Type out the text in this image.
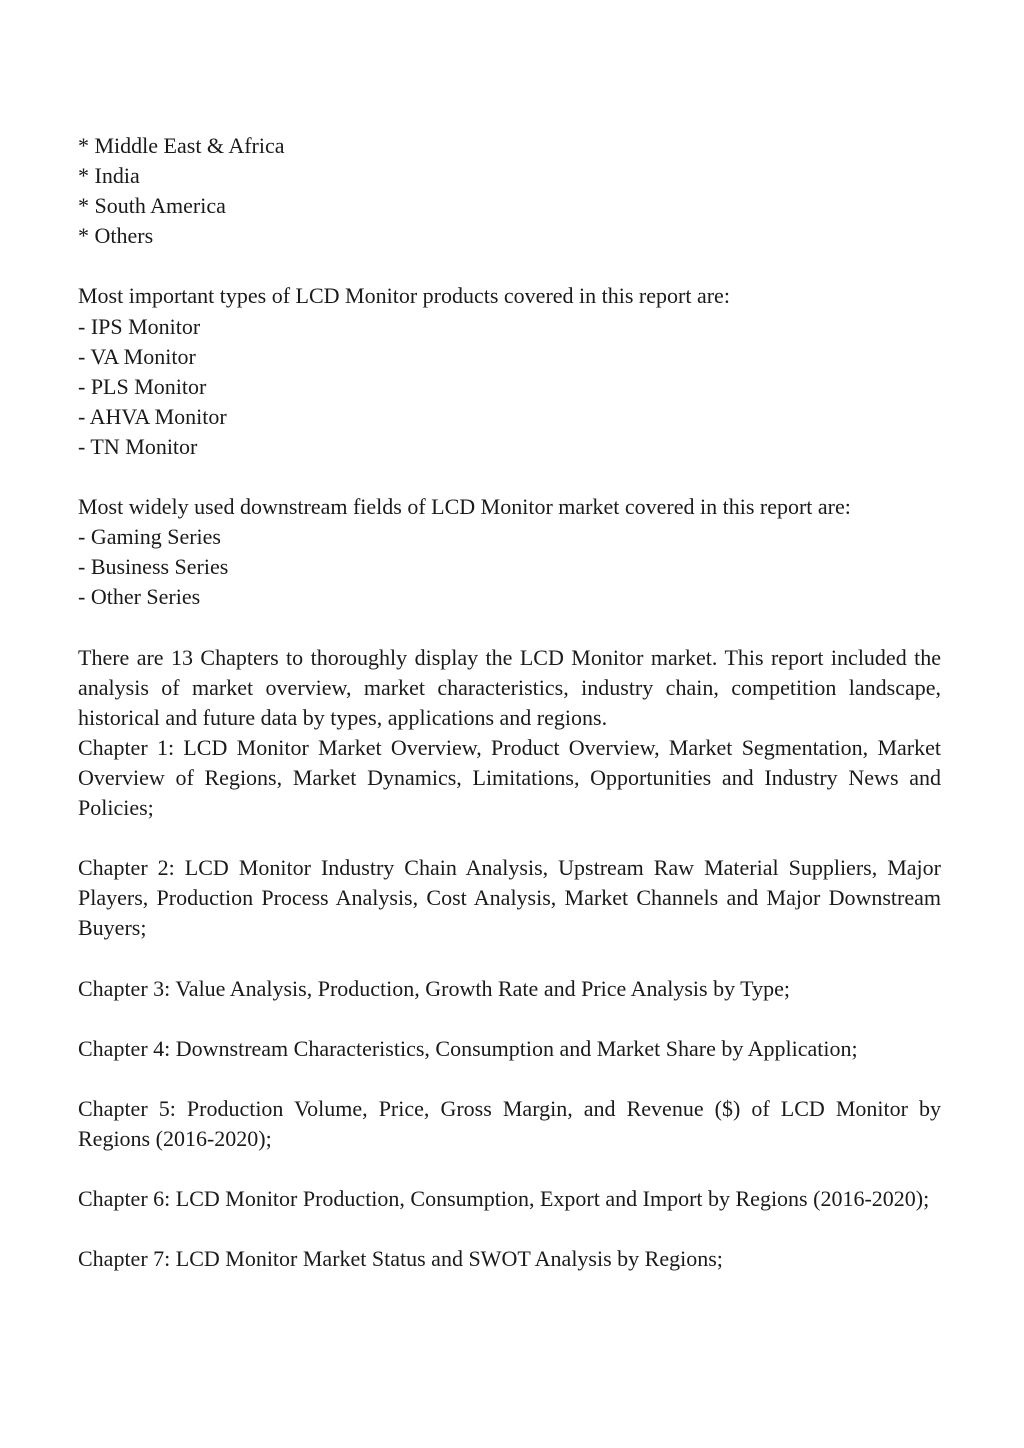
* Middle East & Africa
* India
* South America
* Others
Most important types of LCD Monitor products covered in this report are:
- IPS Monitor
- VA Monitor
- PLS Monitor
- AHVA Monitor
- TN Monitor
Most widely used downstream fields of LCD Monitor market covered in this report are:
- Gaming Series
- Business Series
- Other Series

There are 13 Chapters to thoroughly display the LCD Monitor market. This report included the analysis of market overview, market characteristics, industry chain, competition landscape, historical and future data by types, applications and regions.

Chapter 1: LCD Monitor Market Overview, Product Overview, Market Segmentation, Market Overview of Regions, Market Dynamics, Limitations, Opportunities and Industry News and Policies;

Chapter 2: LCD Monitor Industry Chain Analysis, Upstream Raw Material Suppliers, Major Players, Production Process Analysis, Cost Analysis, Market Channels and Major Downstream Buyers;

Chapter 3: Value Analysis, Production, Growth Rate and Price Analysis by Type;

Chapter 4: Downstream Characteristics, Consumption and Market Share by Application;

Chapter 5: Production Volume, Price, Gross Margin, and Revenue ($) of LCD Monitor by Regions (2016-2020);

Chapter 6: LCD Monitor Production, Consumption, Export and Import by Regions (2016-2020);

Chapter 7: LCD Monitor Market Status and SWOT Analysis by Regions;
